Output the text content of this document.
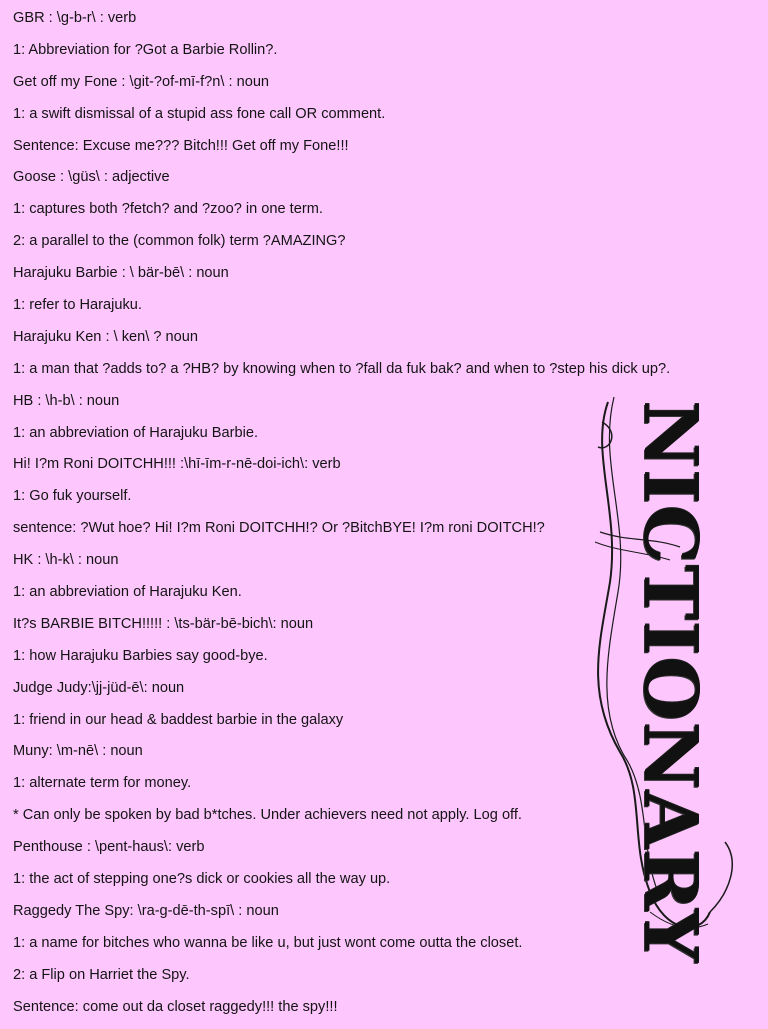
GBR : \g-b-r\ : verb
1: Abbreviation for ?Got a Barbie Rollin?.
Get off my Fone : \git-?of-mī-f?n\ : noun
1: a swift dismissal of a stupid ass fone call OR comment.
Sentence: Excuse me??? Bitch!!! Get off my Fone!!!
Goose : \güs\ : adjective
1: captures both ?fetch? and ?zoo? in one term.
2: a parallel to the (common folk) term ?AMAZING?
Harajuku Barbie : \ bär-bē\ : noun
1: refer to Harajuku.
Harajuku Ken : \ ken\ ? noun
1: a man that ?adds to? a ?HB? by knowing when to ?fall da fuk bak? and when to ?step his dick up?.
HB : \h-b\ : noun
1: an abbreviation of Harajuku Barbie.
Hi! I?m Roni DOITCHH!!! :\hī-īm-r-nē-doi-ich\: verb
1: Go fuk yourself.
sentence: ?Wut hoe? Hi! I?m Roni DOITCHH!? Or ?BitchBYE! I?m roni DOITCH!?
HK : \h-k\ : noun
1: an abbreviation of Harajuku Ken.
It?s BARBIE BITCH!!!!! : \ts-bär-bē-bich\: noun
1: how Harajuku Barbies say good-bye.
Judge Judy:\jj-jüd-ē\: noun
1: friend in our head & baddest barbie in the galaxy
Muny: \m-nē\ : noun
1: alternate term for money.
* Can only be spoken by bad b*tches. Under achievers need not apply. Log off.
Penthouse : \pent-haus\: verb
1: the act of stepping one?s dick or cookies all the way up.
Raggedy The Spy: \ra-g-dē-th-spī\ : noun
1: a name for bitches who wanna be like u, but just wont come outta the closet.
2: a Flip on Harriet the Spy.
Sentence: come out da closet raggedy!!! the spy!!!
NICTIONARY
